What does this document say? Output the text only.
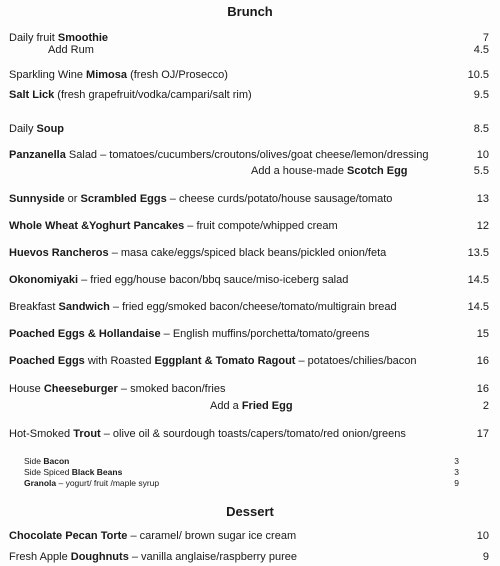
Brunch
Daily fruit Smoothie	7
Add Rum	4.5
Sparkling Wine Mimosa (fresh OJ/Prosecco)	10.5
Salt Lick (fresh grapefruit/vodka/campari/salt rim)	9.5
Daily Soup	8.5
Panzanella Salad – tomatoes/cucumbers/croutons/olives/goat cheese/lemon/dressing	10
Add a house-made Scotch Egg	5.5
Sunnyside or Scrambled Eggs – cheese curds/potato/house sausage/tomato	13
Whole Wheat &Yoghurt Pancakes – fruit compote/whipped cream	12
Huevos Rancheros – masa cake/eggs/spiced black beans/pickled onion/feta	13.5
Okonomiyaki – fried egg/house bacon/bbq sauce/miso-iceberg salad	14.5
Breakfast Sandwich – fried egg/smoked bacon/cheese/tomato/multigrain bread	14.5
Poached Eggs & Hollandaise – English muffins/porchetta/tomato/greens	15
Poached Eggs with Roasted Eggplant & Tomato Ragout – potatoes/chilies/bacon	16
House Cheeseburger – smoked bacon/fries	16
Add a Fried Egg	2
Hot-Smoked Trout – olive oil & sourdough toasts/capers/tomato/red onion/greens	17
Side Bacon	3
Side Spiced Black Beans	3
Granola – yogurt/ fruit /maple syrup	9
Dessert
Chocolate Pecan Torte – caramel/ brown sugar ice cream	10
Fresh Apple Doughnuts – vanilla anglaise/raspberry puree	9
